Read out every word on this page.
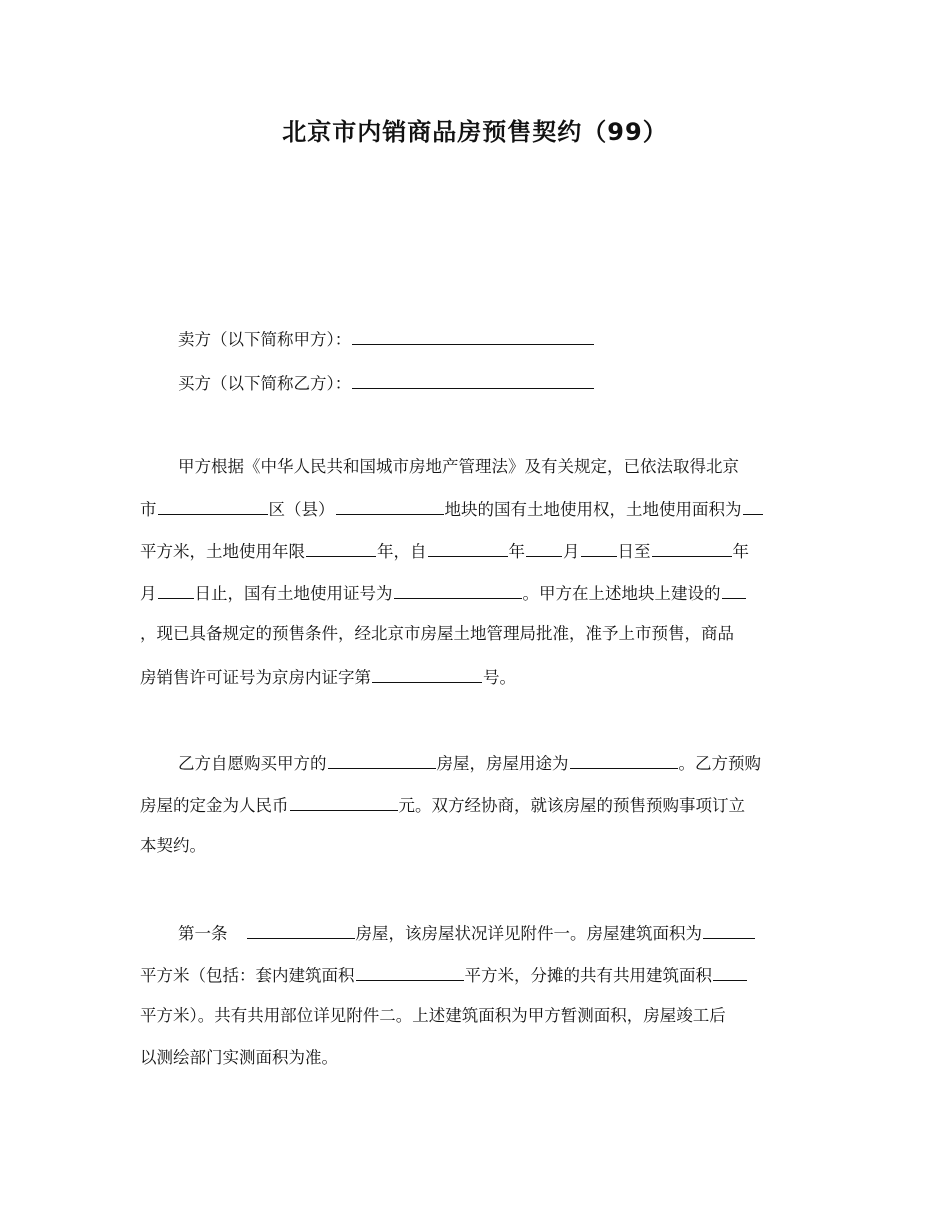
北京市内销商品房预售契约（99）
卖方（以下简称甲方）：
买方（以下简称乙方）：
甲方根据《中华人民共和国城市房地产管理法》及有关规定，已依法取得北京
市	区（县）	地块的国有土地使用权，土地使用面积为
平方米，土地使用年限	年，自	年 月 日至	年
月 日止，国有土地使用证号为	。甲方在上述地块上建设的
，现已具备规定的预售条件，经北京市房屋土地管理局批准，准予上市预售，商品
房销售许可证号为京房内证字第	号。
乙方自愿购买甲方的	房屋，房屋用途为	。乙方预购
房屋的定金为人民币	元。双方经协商，就该房屋的预售预购事项订立
本契约。
第一条	房屋，该房屋状况详见附件一。房屋建筑面积为
平方米（包括：套内建筑面积	平方米，分摊的共有共用建筑面积
平方米）。共有共用部位详见附件二。上述建筑面积为甲方暂测面积，房屋竣工后
以测绘部门实测面积为准。
